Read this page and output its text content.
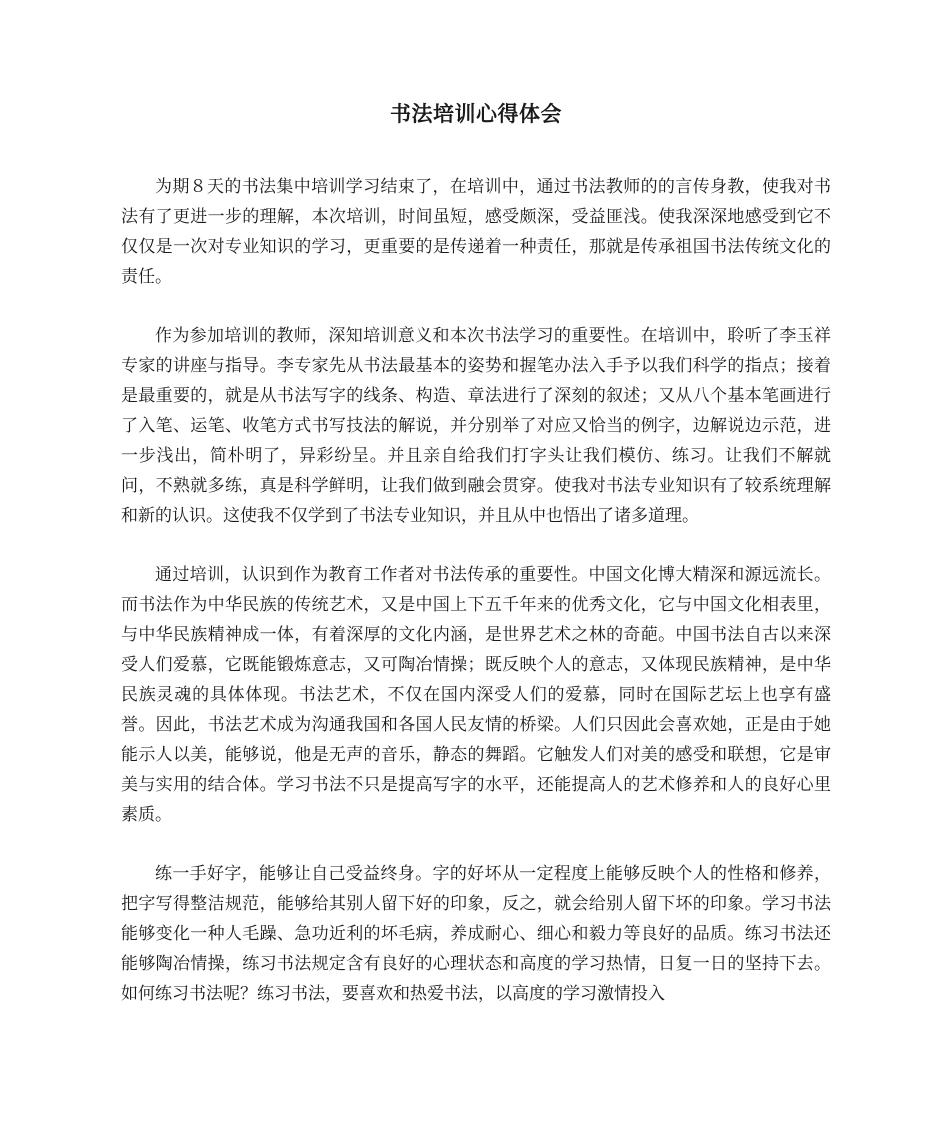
书法培训心得体会

为期８天的书法集中培训学习结束了，在培训中，通过书法教师的的言传身教，使我对书法有了更进一步的理解，本次培训，时间虽短，感受颇深，受益匪浅。使我深深地感受到它不仅仅是一次对专业知识的学习，更重要的是传递着一种责任，那就是传承祖国书法传统文化的责任。

作为参加培训的教师，深知培训意义和本次书法学习的重要性。在培训中，聆听了李玉祥专家的讲座与指导。李专家先从书法最基本的姿势和握笔办法入手予以我们科学的指点；接着是最重要的，就是从书法写字的线条、构造、章法进行了深刻的叙述；又从八个基本笔画进行了入笔、运笔、收笔方式书写技法的解说，并分别举了对应又恰当的例字，边解说边示范，进一步浅出，简朴明了，异彩纷呈。并且亲自给我们打字头让我们模仿、练习。让我们不解就问，不熟就多练，真是科学鲜明，让我们做到融会贯穿。使我对书法专业知识有了较系统理解和新的认识。这使我不仅学到了书法专业知识，并且从中也悟出了诸多道理。

通过培训，认识到作为教育工作者对书法传承的重要性。中国文化博大精深和源远流长。而书法作为中华民族的传统艺术，又是中国上下五千年来的优秀文化，它与中国文化相表里，与中华民族精神成一体，有着深厚的文化内涵，是世界艺术之林的奇葩。中国书法自古以来深受人们爱慕，它既能锻炼意志，又可陶冶情操；既反映个人的意志，又体现民族精神，是中华民族灵魂的具体体现。书法艺术，不仅在国内深受人们的爱慕，同时在国际艺坛上也享有盛誉。因此，书法艺术成为沟通我国和各国人民友情的桥梁。人们只因此会喜欢她，正是由于她能示人以美，能够说，他是无声的音乐，静态的舞蹈。它触发人们对美的感受和联想，它是审美与实用的结合体。学习书法不只是提高写字的水平，还能提高人的艺术修养和人的良好心里素质。

练一手好字，能够让自己受益终身。字的好坏从一定程度上能够反映个人的性格和修养，把字写得整洁规范，能够给其别人留下好的印象，反之，就会给别人留下坏的印象。学习书法能够变化一种人毛躁、急功近利的坏毛病，养成耐心、细心和毅力等良好的品质。练习书法还能够陶冶情操，练习书法规定含有良好的心理状态和高度的学习热情，日复一日的坚持下去。如何练习书法呢？练习书法，要喜欢和热爱书法，以高度的学习激情投入
